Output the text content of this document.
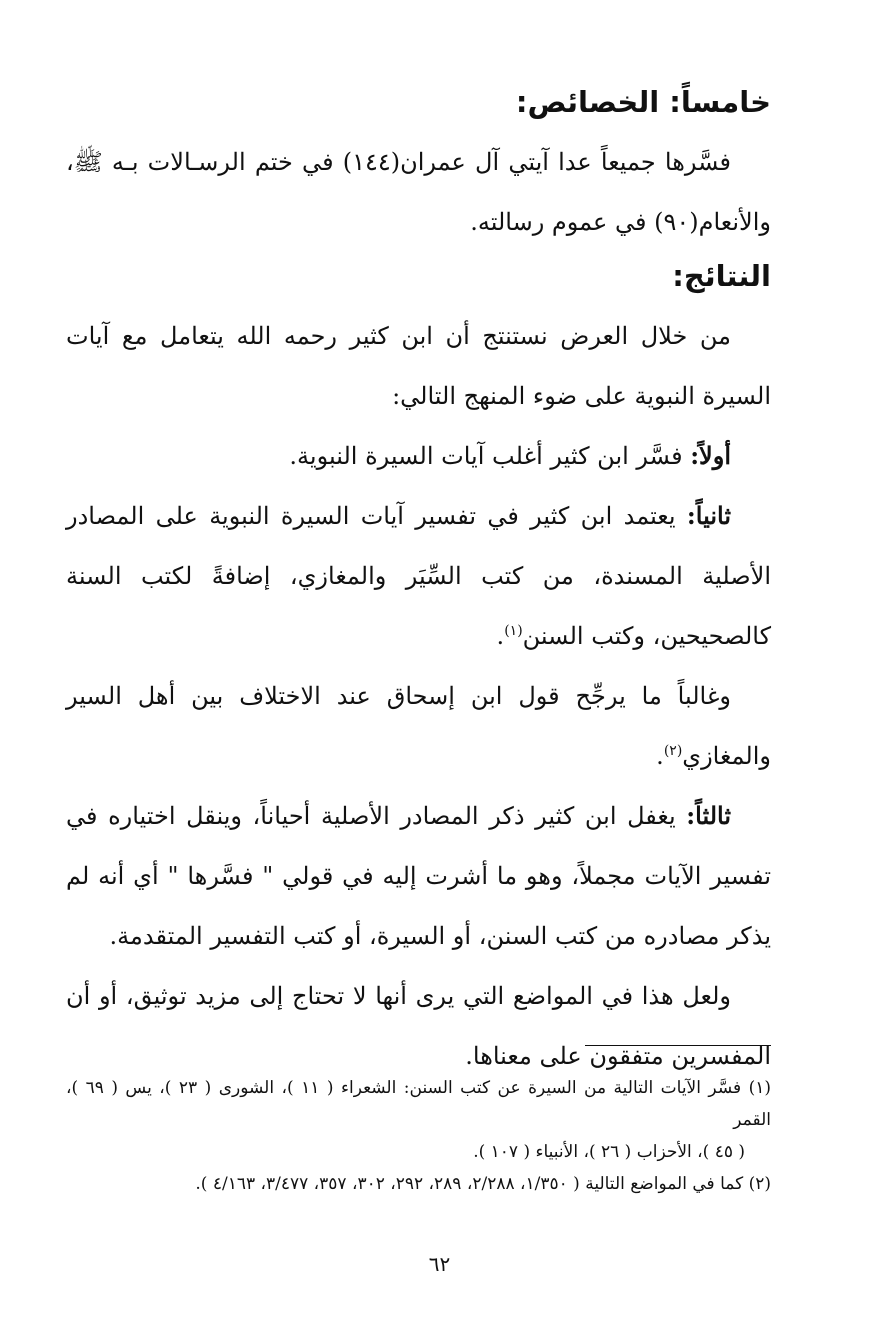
خامساً: الخصائص:

فسَّرها جميعاً عدا آيتي آل عمران(١٤٤) في ختم الرسـالات بـه ﷺ، والأنعام(٩٠) في عموم رسالته.

النتائج:

من خلال العرض نستنتج أن ابن كثير رحمه الله يتعامل مع آيات السيرة النبوية على ضوء المنهج التالي:

أولاً: فسَّر ابن كثير أغلب آيات السيرة النبوية.

ثانياً: يعتمد ابن كثير في تفسير آيات السيرة النبوية على المصادر الأصلية المسندة، من كتب السِّيَر والمغازي، إضافةً لكتب السنة كالصحيحين، وكتب السنن$^{(١)}$.

وغالباً ما يرجِّح قول ابن إسحاق عند الاختلاف بين أهل السير والمغازي$^{(٢)}$.

ثالثاً: يغفل ابن كثير ذكر المصادر الأصلية أحياناً، وينقل اختياره في تفسير الآيات مجملاً، وهو ما أشرت إليه في قولي " فسَّرها " أي أنه لم يذكر مصادره من كتب السنن، أو السيرة، أو كتب التفسير المتقدمة.

ولعل هذا في المواضع التي يرى أنها لا تحتاج إلى مزيد توثيق، أو أن المفسرين متفقون على معناها.

(١) فسَّر الآيات التالية من السيرة عن كتب السنن: الشعراء ( ١١ )، الشورى ( ٢٣ )، يس ( ٦٩ )، القمر

( ٤٥ )، الأحزاب ( ٢٦ )، الأنبياء ( ١٠٧ ).

(٢) كما في المواضع التالية ( ١/٣٥٠، ٢/٢٨٨، ٢٨٩، ٢٩٢، ٣٠٢، ٣٥٧، ٣/٤٧٧، ٤/١٦٣ ).

٦٢
